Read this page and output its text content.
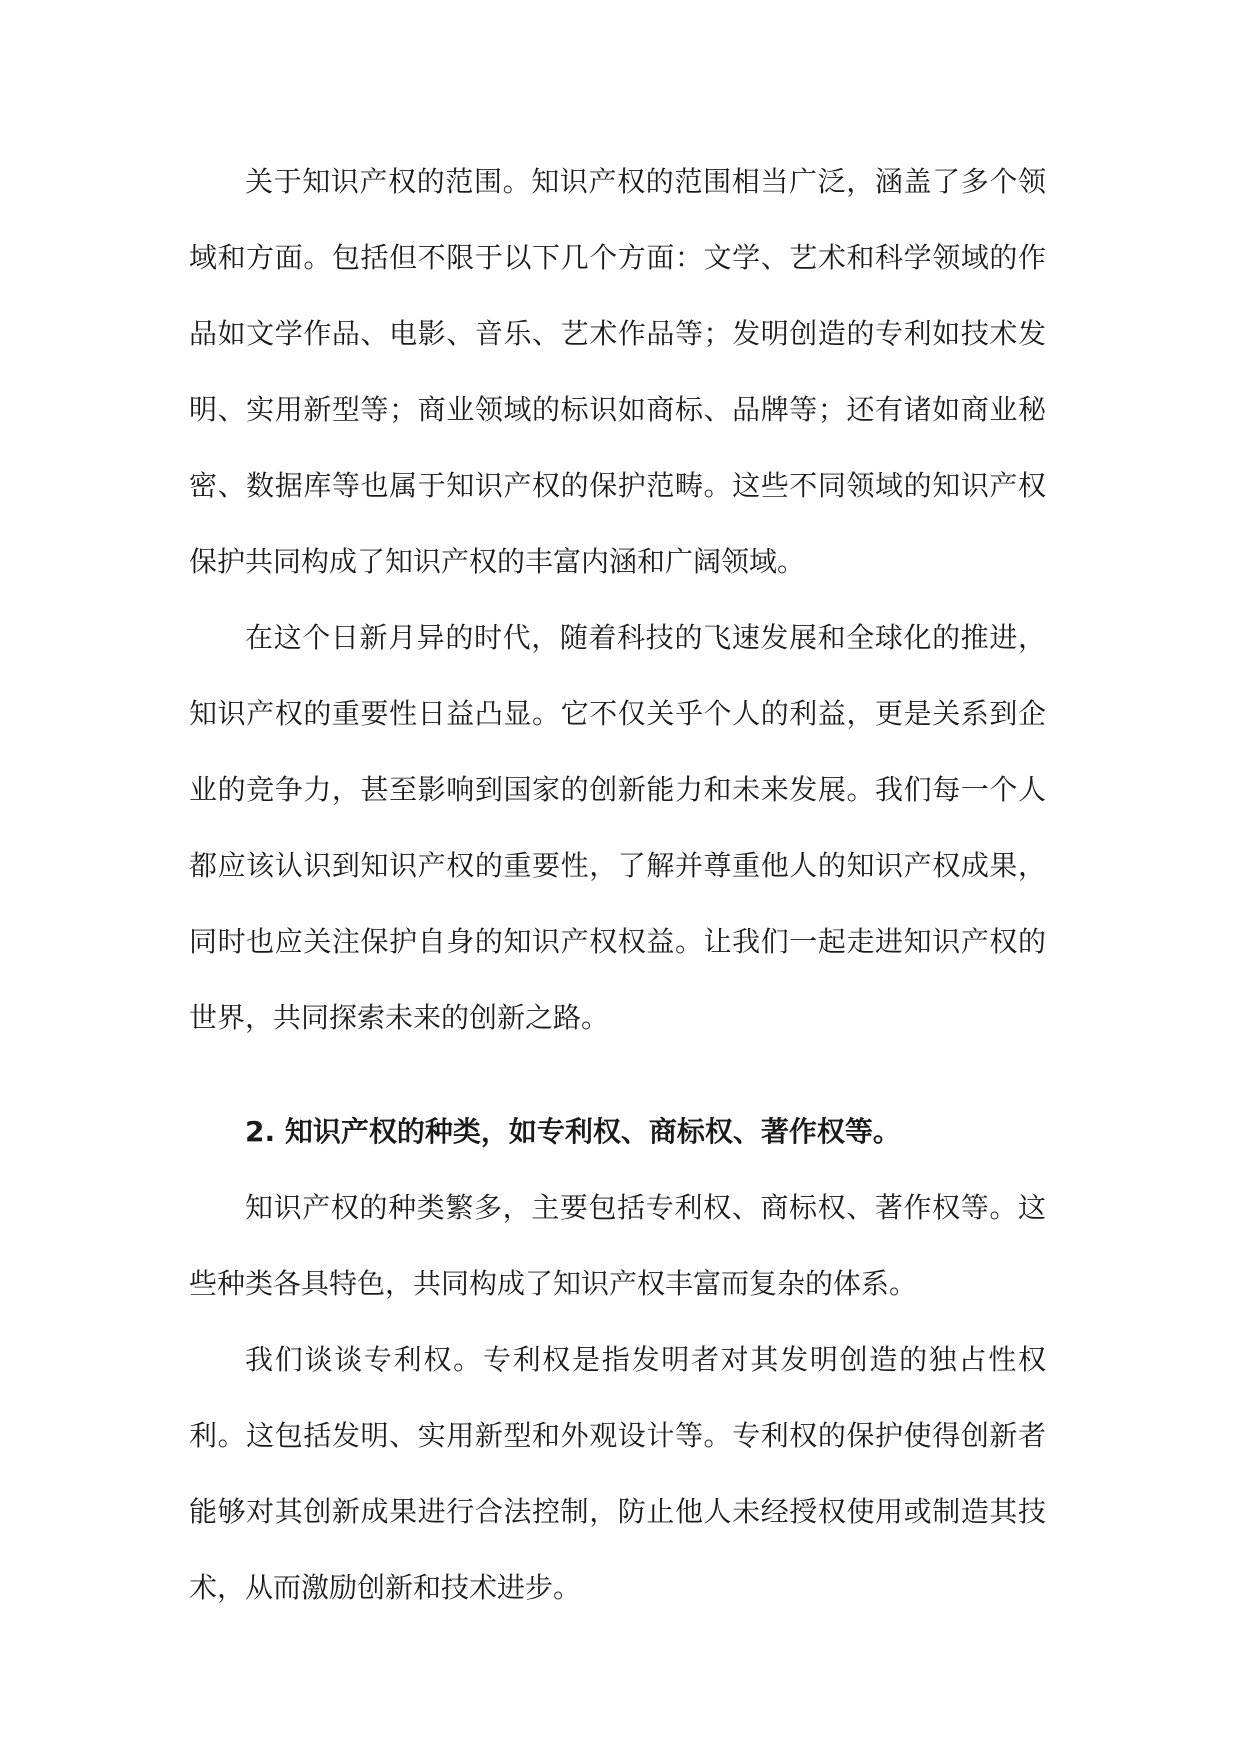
关于知识产权的范围。知识产权的范围相当广泛，涵盖了多个领域和方面。包括但不限于以下几个方面：文学、艺术和科学领域的作品如文学作品、电影、音乐、艺术作品等；发明创造的专利如技术发明、实用新型等；商业领域的标识如商标、品牌等；还有诸如商业秘密、数据库等也属于知识产权的保护范畴。这些不同领域的知识产权保护共同构成了知识产权的丰富内涵和广阔领域。

在这个日新月异的时代，随着科技的飞速发展和全球化的推进，知识产权的重要性日益凸显。它不仅关乎个人的利益，更是关系到企业的竞争力，甚至影响到国家的创新能力和未来发展。我们每一个人都应该认识到知识产权的重要性，了解并尊重他人的知识产权成果，同时也应关注保护自身的知识产权权益。让我们一起走进知识产权的世界，共同探索未来的创新之路。

2. 知识产权的种类，如专利权、商标权、著作权等。

知识产权的种类繁多，主要包括专利权、商标权、著作权等。这些种类各具特色，共同构成了知识产权丰富而复杂的体系。

我们谈谈专利权。专利权是指发明者对其发明创造的独占性权利。这包括发明、实用新型和外观设计等。专利权的保护使得创新者能够对其创新成果进行合法控制，防止他人未经授权使用或制造其技术，从而激励创新和技术进步。
